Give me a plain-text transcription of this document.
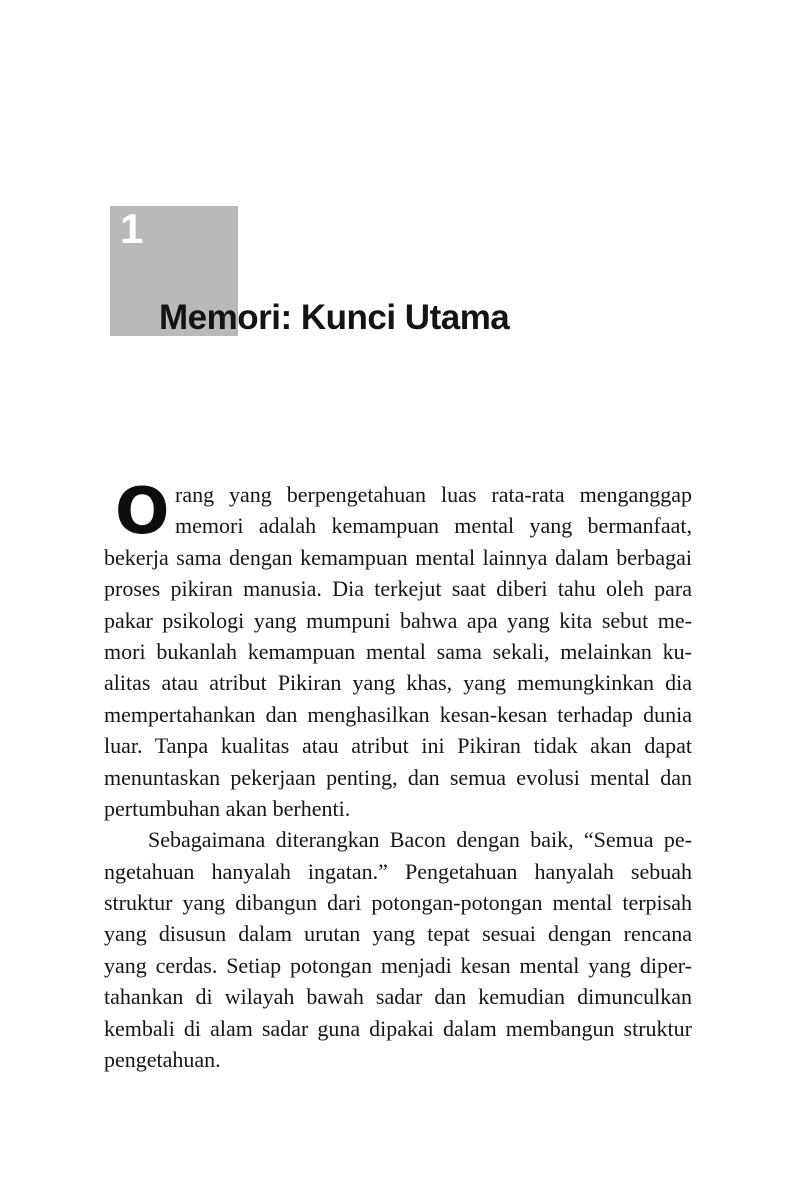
1
Memori: Kunci Utama
O rang yang berpengetahuan luas rata-rata menganggap
memori adalah kemampuan mental yang bermanfaat,
bekerja sama dengan kemampuan mental lainnya dalam berbagai
proses pikiran manusia. Dia terkejut saat diberi tahu oleh para
pakar psikologi yang mumpuni bahwa apa yang kita sebut me-
mori bukanlah kemampuan mental sama sekali, melainkan ku-
alitas atau atribut Pikiran yang khas, yang memungkinkan dia
mempertahankan dan menghasilkan kesan-kesan terhadap dunia
luar. Tanpa kualitas atau atribut ini Pikiran tidak akan dapat
menuntaskan pekerjaan penting, dan semua evolusi mental dan
pertumbuhan akan berhenti.
Sebagaimana diterangkan Bacon dengan baik, “Semua pe-
ngetahuan hanyalah ingatan.” Pengetahuan hanyalah sebuah
struktur yang dibangun dari potongan-potongan mental terpisah
yang disusun dalam urutan yang tepat sesuai dengan rencana
yang cerdas. Setiap potongan menjadi kesan mental yang diper-
tahankan di wilayah bawah sadar dan kemudian dimunculkan
kembali di alam sadar guna dipakai dalam membangun struktur
pengetahuan.
